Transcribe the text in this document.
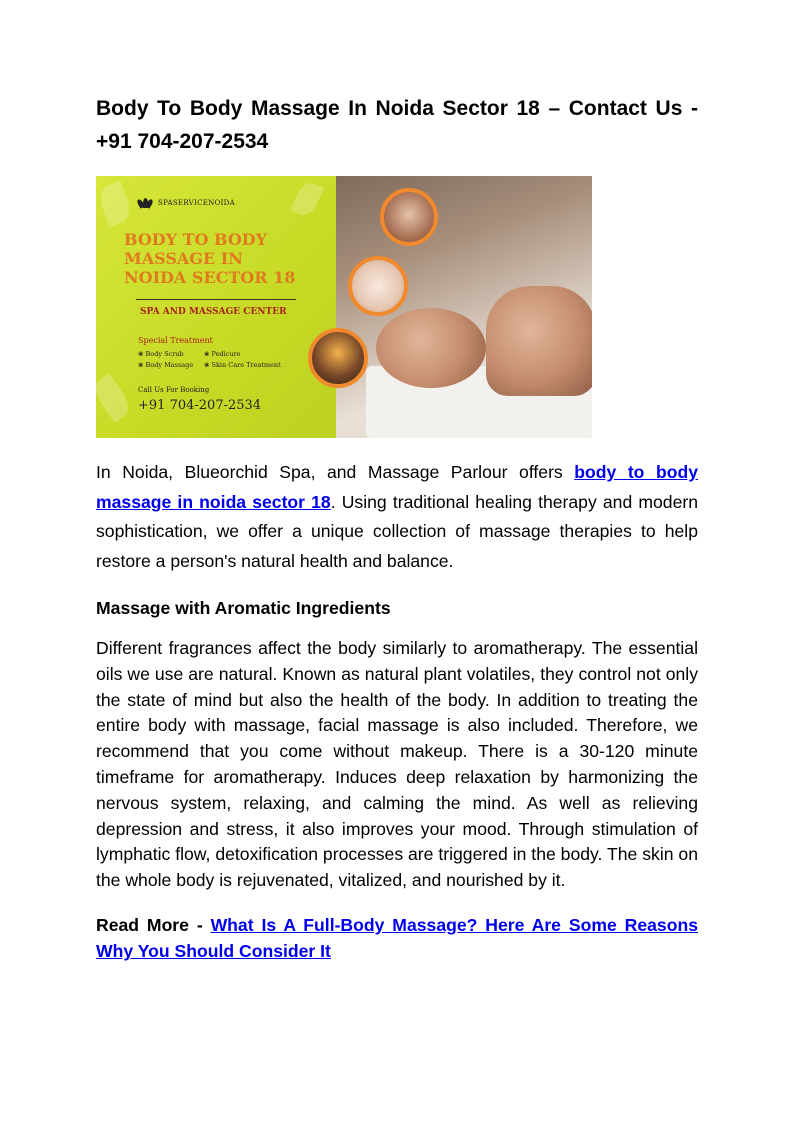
Body To Body Massage In Noida Sector 18 – Contact Us - +91 704-207-2534
SPASERVICENOIDA
BODY TO BODY
MASSAGE IN
NOIDA SECTOR 18
SPA AND MASSAGE CENTER
Special Treatment
❀ Body Scrub	❀ Pedicure
❀ Body Massage	❀ Skin Care Treatment
Call Us For Booking
+91 704-207-2534

In Noida, Blueorchid Spa, and Massage Parlour offers body to body massage in noida sector 18. Using traditional healing therapy and modern sophistication, we offer a unique collection of massage therapies to help restore a person's natural health and balance.

Massage with Aromatic Ingredients

Different fragrances affect the body similarly to aromatherapy. The essential oils we use are natural. Known as natural plant volatiles, they control not only the state of mind but also the health of the body. In addition to treating the entire body with massage, facial massage is also included. Therefore, we recommend that you come without makeup. There is a 30-120 minute timeframe for aromatherapy. Induces deep relaxation by harmonizing the nervous system, relaxing, and calming the mind. As well as relieving depression and stress, it also improves your mood. Through stimulation of lymphatic flow, detoxification processes are triggered in the body. The skin on the whole body is rejuvenated, vitalized, and nourished by it.

Read More - What Is A Full-Body Massage? Here Are Some Reasons Why You Should Consider It
